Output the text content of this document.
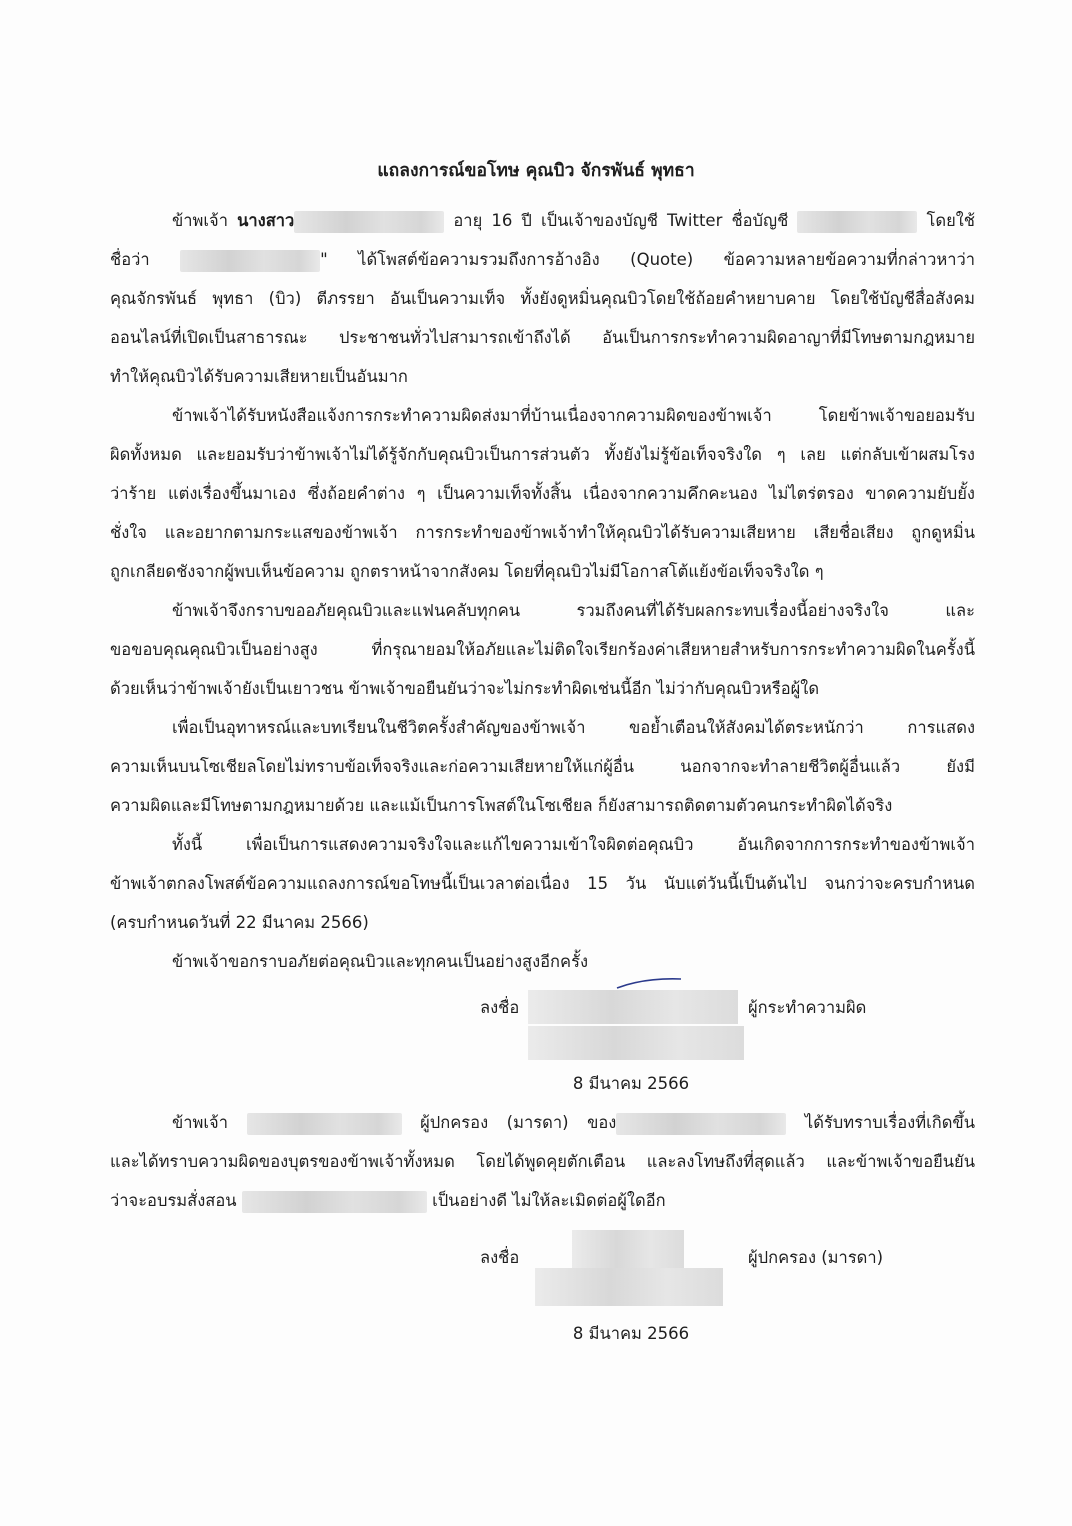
แถลงการณ์ขอโทษ คุณบิว จักรพันธ์ พุทธา
ข้าพเจ้า นางสาว	อายุ 16 ปี เป็นเจ้าของบัญชี Twitter ชื่อบัญชี	โดยใช้
ชื่อว่า	" ได้โพสต์ข้อความรวมถึงการอ้างอิง (Quote) ข้อความหลายข้อความที่กล่าวหาว่า
คุณจักรพันธ์ พุทธา (บิว) ตีภรรยา อันเป็นความเท็จ ทั้งยังดูหมิ่นคุณบิวโดยใช้ถ้อยคำหยาบคาย โดยใช้บัญชีสื่อสังคม
ออนไลน์ที่เปิดเป็นสาธารณะ ประชาชนทั่วไปสามารถเข้าถึงได้ อันเป็นการกระทำความผิดอาญาที่มีโทษตามกฎหมาย
ทำให้คุณบิวได้รับความเสียหายเป็นอันมาก
ข้าพเจ้าได้รับหนังสือแจ้งการกระทำความผิดส่งมาที่บ้านเนื่องจากความผิดของข้าพเจ้า โดยข้าพเจ้าขอยอมรับ
ผิดทั้งหมด และยอมรับว่าข้าพเจ้าไม่ได้รู้จักกับคุณบิวเป็นการส่วนตัว ทั้งยังไม่รู้ข้อเท็จจริงใด ๆ เลย แต่กลับเข้าผสมโรง
ว่าร้าย แต่งเรื่องขึ้นมาเอง ซึ่งถ้อยคำต่าง ๆ เป็นความเท็จทั้งสิ้น เนื่องจากความคึกคะนอง ไม่ไตร่ตรอง ขาดความยับยั้ง
ชั่งใจ และอยากตามกระแสของข้าพเจ้า การกระทำของข้าพเจ้าทำให้คุณบิวได้รับความเสียหาย เสียชื่อเสียง ถูกดูหมิ่น
ถูกเกลียดชังจากผู้พบเห็นข้อความ ถูกตราหน้าจากสังคม โดยที่คุณบิวไม่มีโอกาสโต้แย้งข้อเท็จจริงใด ๆ
ข้าพเจ้าจึงกราบขออภัยคุณบิวและแฟนคลับทุกคน รวมถึงคนที่ได้รับผลกระทบเรื่องนี้อย่างจริงใจ และ
ขอขอบคุณคุณบิวเป็นอย่างสูง ที่กรุณายอมให้อภัยและไม่ติดใจเรียกร้องค่าเสียหายสำหรับการกระทำความผิดในครั้งนี้
ด้วยเห็นว่าข้าพเจ้ายังเป็นเยาวชน ข้าพเจ้าขอยืนยันว่าจะไม่กระทำผิดเช่นนี้อีก ไม่ว่ากับคุณบิวหรือผู้ใด
เพื่อเป็นอุทาหรณ์และบทเรียนในชีวิตครั้งสำคัญของข้าพเจ้า ขอย้ำเตือนให้สังคมได้ตระหนักว่า การแสดง
ความเห็นบนโซเชียลโดยไม่ทราบข้อเท็จจริงและก่อความเสียหายให้แก่ผู้อื่น นอกจากจะทำลายชีวิตผู้อื่นแล้ว ยังมี
ความผิดและมีโทษตามกฎหมายด้วย และแม้เป็นการโพสต์ในโซเชียล ก็ยังสามารถติดตามตัวคนกระทำผิดได้จริง
ทั้งนี้ เพื่อเป็นการแสดงความจริงใจและแก้ไขความเข้าใจผิดต่อคุณบิว อันเกิดจากการกระทำของข้าพเจ้า
ข้าพเจ้าตกลงโพสต์ข้อความแถลงการณ์ขอโทษนี้เป็นเวลาต่อเนื่อง 15 วัน นับแต่วันนี้เป็นต้นไป จนกว่าจะครบกำหนด
(ครบกำหนดวันที่ 22 มีนาคม 2566)
ข้าพเจ้าขอกราบอภัยต่อคุณบิวและทุกคนเป็นอย่างสูงอีกครั้ง
ลงชื่อ	ผู้กระทำความผิด
8 มีนาคม 2566
ข้าพเจ้า	ผู้ปกครอง (มารดา) ของ	ได้รับทราบเรื่องที่เกิดขึ้น
และได้ทราบความผิดของบุตรของข้าพเจ้าทั้งหมด โดยได้พูดคุยตักเตือน และลงโทษถึงที่สุดแล้ว และข้าพเจ้าขอยืนยัน
ว่าจะอบรมสั่งสอน	เป็นอย่างดี ไม่ให้ละเมิดต่อผู้ใดอีก
ลงชื่อ	ผู้ปกครอง (มารดา)
8 มีนาคม 2566
